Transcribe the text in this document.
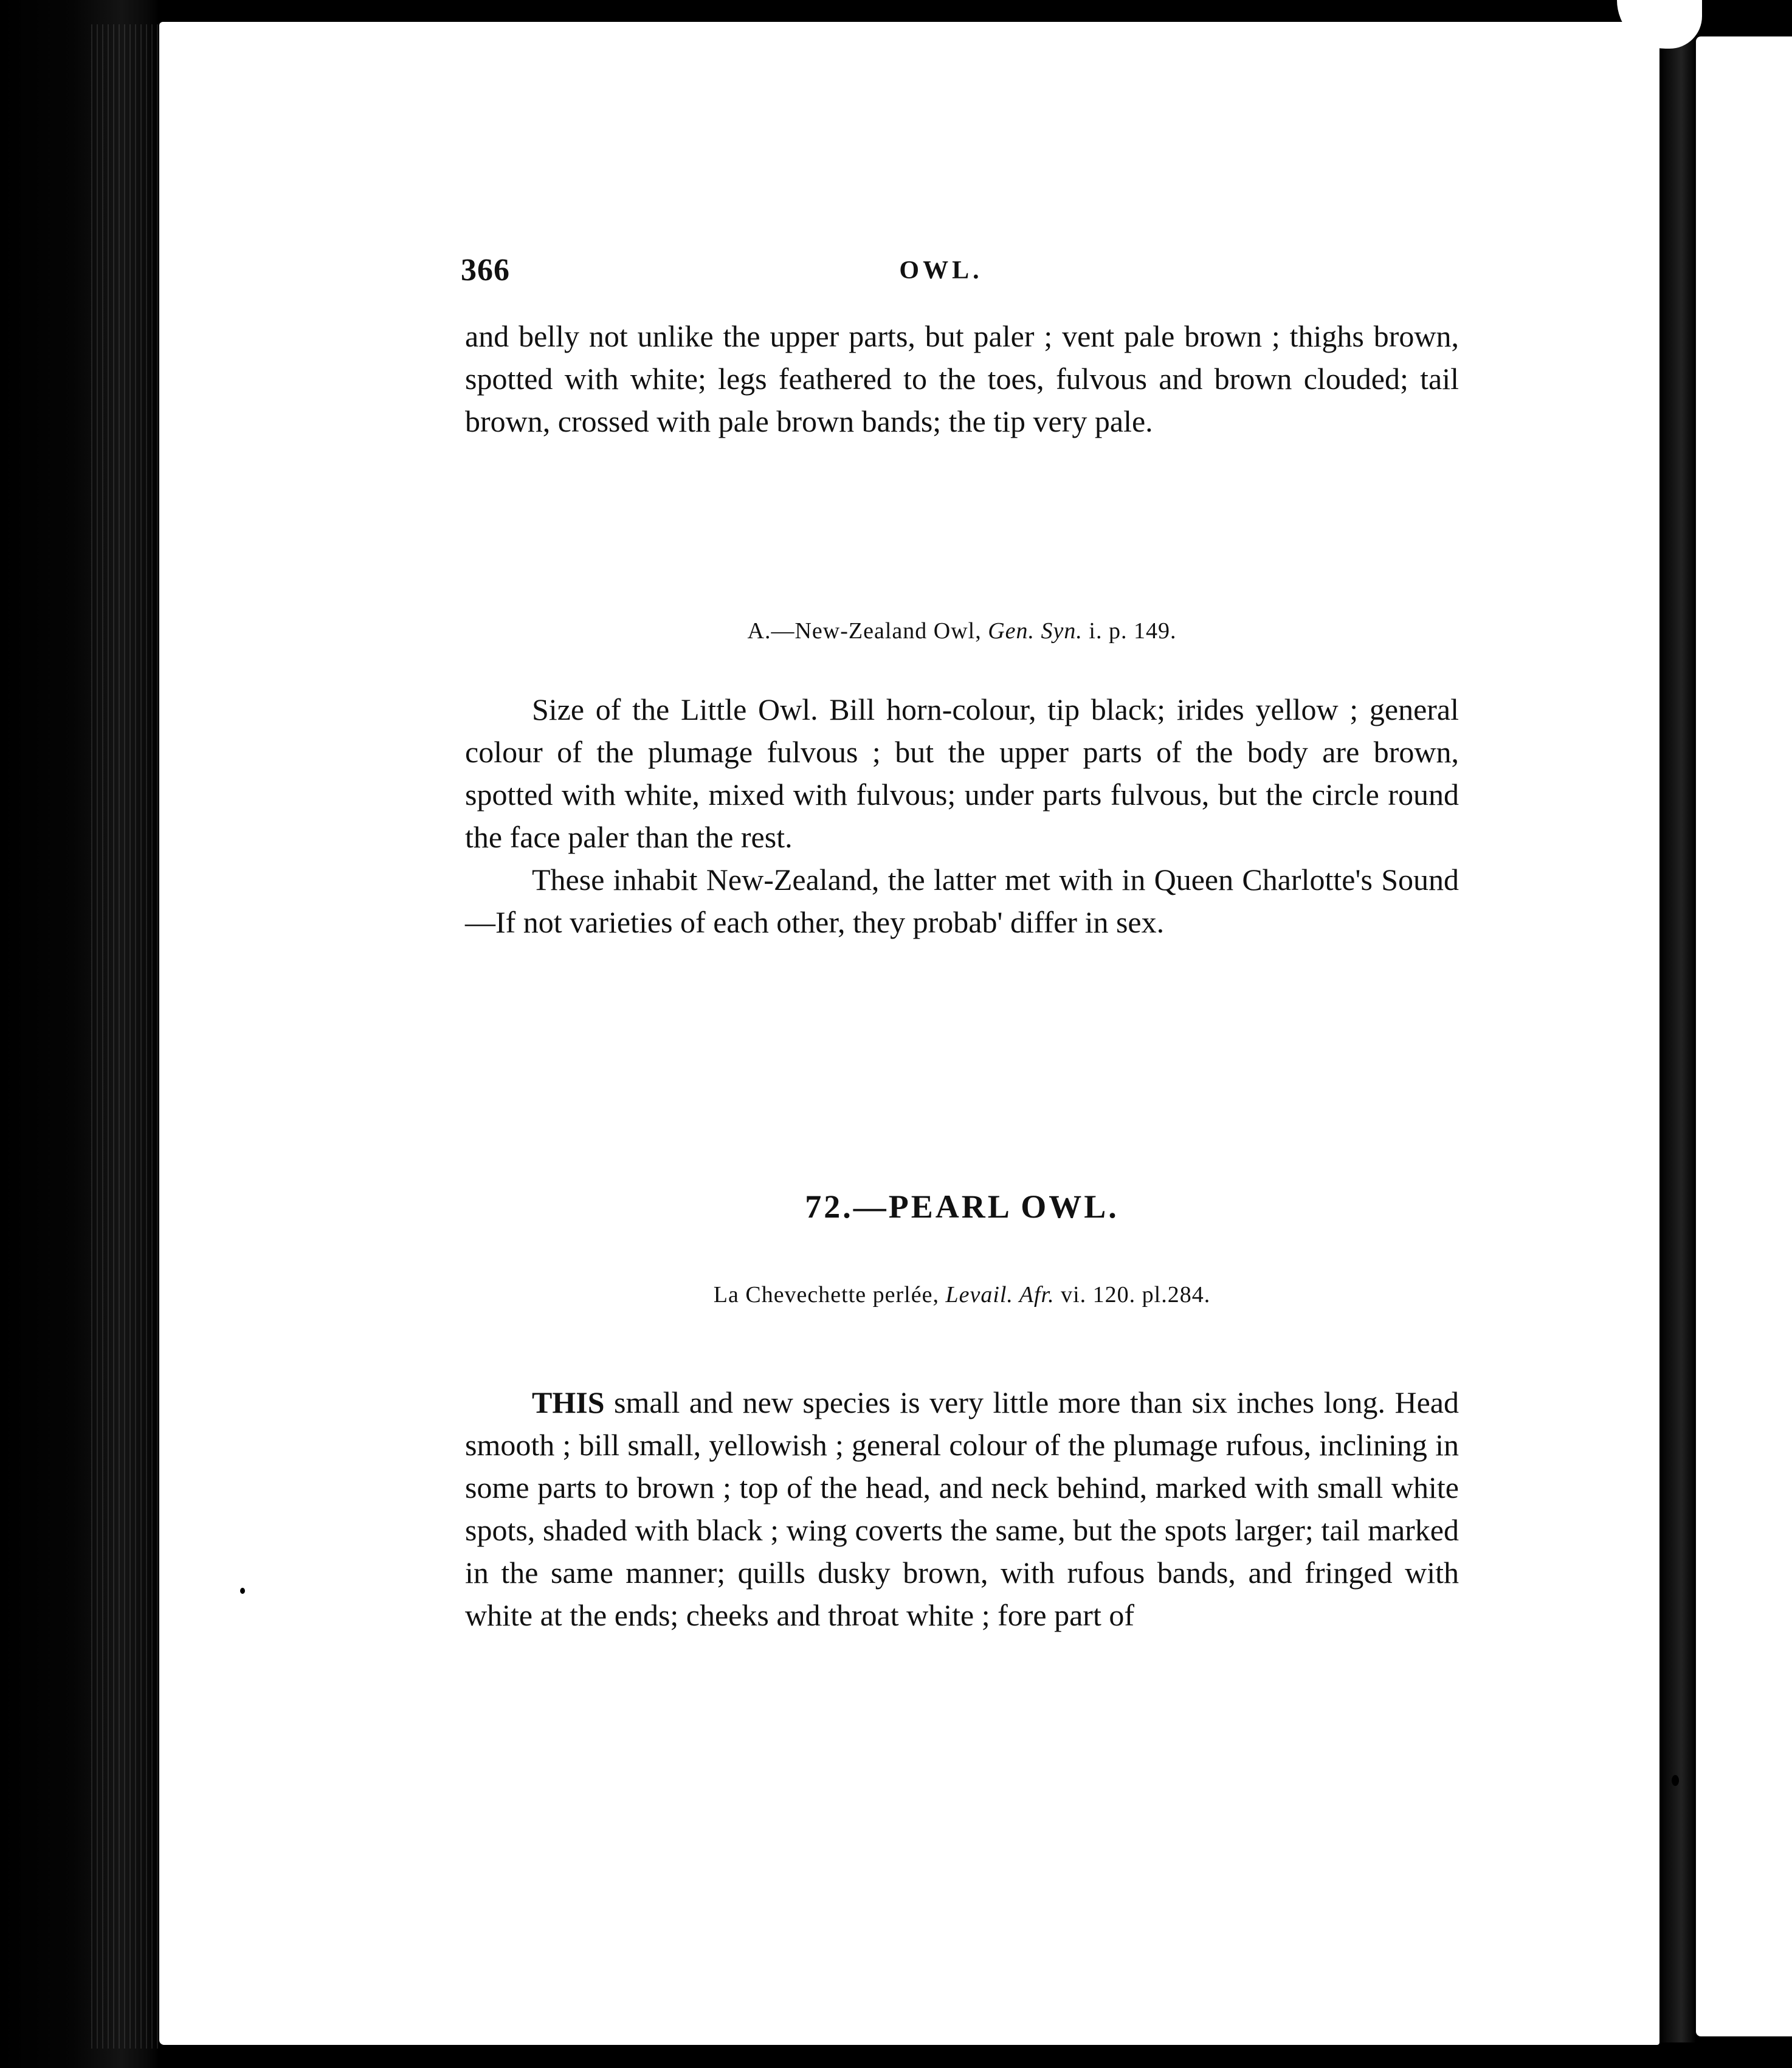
366	OWL.

and belly not unlike the upper parts, but paler ; vent pale brown ; thighs brown, spotted with white; legs feathered to the toes, fulvous and brown clouded; tail brown, crossed with pale brown bands; the tip very pale.

A.—New-Zealand Owl, Gen. Syn. i. p. 149.

Size of the Little Owl. Bill horn-colour, tip black; irides yellow ; general colour of the plumage fulvous ; but the upper parts of the body are brown, spotted with white, mixed with fulvous; under parts fulvous, but the circle round the face paler than the rest.

These inhabit New-Zealand, the latter met with in Queen Charlotte's Sound—If not varieties of each other, they probab' differ in sex.

72.—PEARL OWL.
La Chevechette perlée, Levail. Afr. vi. 120. pl.284.

THIS small and new species is very little more than six inches long. Head smooth ; bill small, yellowish ; general colour of the plumage rufous, inclining in some parts to brown ; top of the head, and neck behind, marked with small white spots, shaded with black ; wing coverts the same, but the spots larger; tail marked in the same manner; quills dusky brown, with rufous bands, and fringed with white at the ends; cheeks and throat white ; fore part of
